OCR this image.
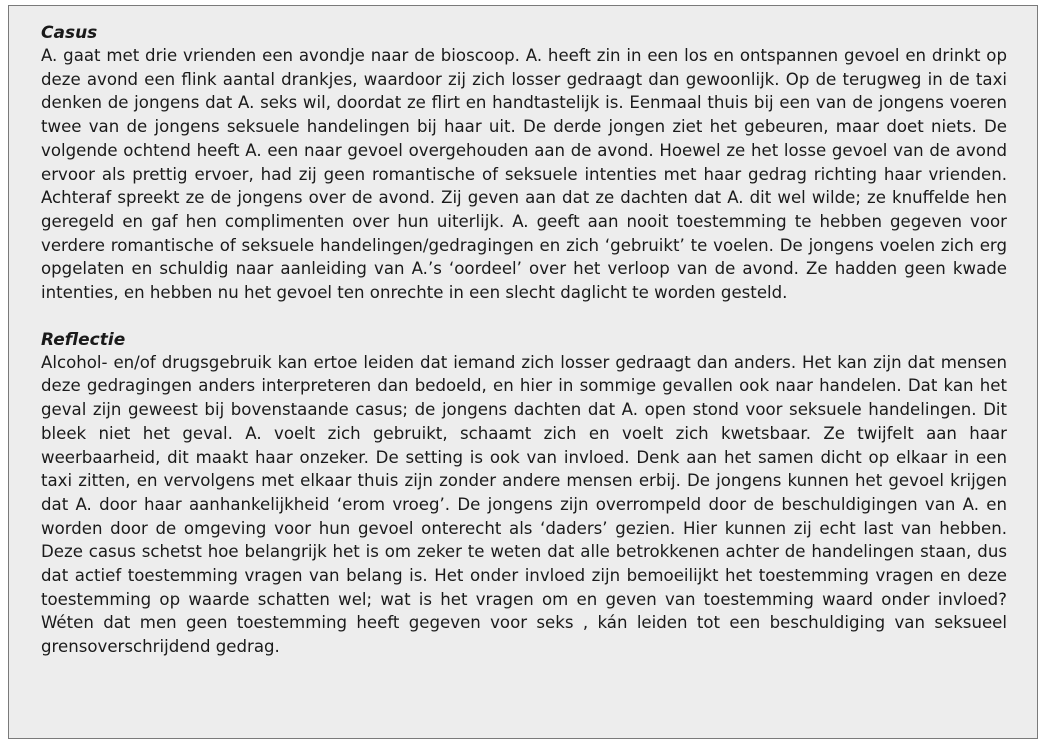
Casus

A. gaat met drie vrienden een avondje naar de bioscoop. A. heeft zin in een los en ontspannen gevoel en drinkt op deze avond een flink aantal drankjes, waardoor zij zich losser gedraagt dan gewoonlijk. Op de terugweg in de taxi denken de jongens dat A. seks wil, doordat ze flirt en handtastelijk is. Eenmaal thuis bij een van de jongens voeren twee van de jongens seksuele handelingen bij haar uit. De derde jongen ziet het gebeuren, maar doet niets. De volgende ochtend heeft A. een naar gevoel overgehouden aan de avond. Hoewel ze het losse gevoel van de avond ervoor als prettig ervoer, had zij geen romantische of seksuele intenties met haar gedrag richting haar vrienden. Achteraf spreekt ze de jongens over de avond. Zij geven aan dat ze dachten dat A. dit wel wilde; ze knuffelde hen geregeld en gaf hen complimenten over hun uiterlijk. A. geeft aan nooit toestemming te hebben gegeven voor verdere romantische of seksuele handelingen/gedragingen en zich ‘gebruikt’ te voelen. De jongens voelen zich erg opgelaten en schuldig naar aanleiding van A.’s ‘oordeel’ over het verloop van de avond. Ze hadden geen kwade intenties, en hebben nu het gevoel ten onrechte in een slecht daglicht te worden gesteld.

Reflectie

Alcohol- en/of drugsgebruik kan ertoe leiden dat iemand zich losser gedraagt dan anders. Het kan zijn dat mensen deze gedragingen anders interpreteren dan bedoeld, en hier in sommige gevallen ook naar handelen. Dat kan het geval zijn geweest bij bovenstaande casus; de jongens dachten dat A. open stond voor seksuele handelingen. Dit bleek niet het geval. A. voelt zich gebruikt, schaamt zich en voelt zich kwetsbaar. Ze twijfelt aan haar weerbaarheid, dit maakt haar onzeker. De setting is ook van invloed. Denk aan het samen dicht op elkaar in een taxi zitten, en vervolgens met elkaar thuis zijn zonder andere mensen erbij. De jongens kunnen het gevoel krijgen dat A. door haar aanhankelijkheid ‘erom vroeg’. De jongens zijn overrompeld door de beschuldigingen van A. en worden door de omgeving voor hun gevoel onterecht als ‘daders’ gezien. Hier kunnen zij echt last van hebben. Deze casus schetst hoe belangrijk het is om zeker te weten dat alle betrokkenen achter de handelingen staan, dus dat actief toestemming vragen van belang is. Het onder invloed zijn bemoeilijkt het toestemming vragen en deze toestemming op waarde schatten wel; wat is het vragen om en geven van toestemming waard onder invloed? Wéten dat men geen toestemming heeft gegeven voor seks , kán leiden tot een beschuldiging van seksueel grensoverschrijdend gedrag.
